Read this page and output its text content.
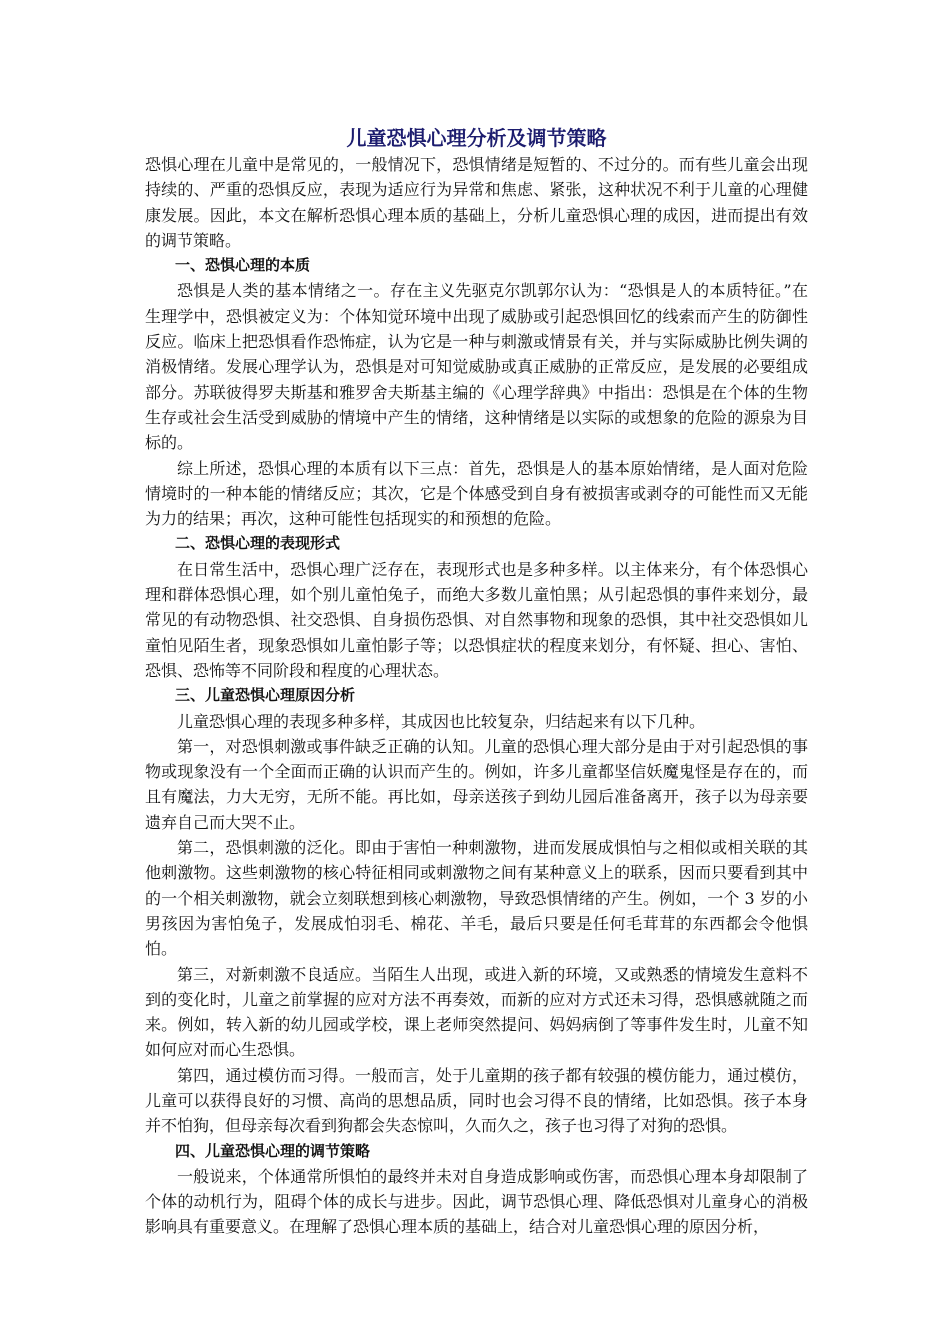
儿童恐惧心理分析及调节策略

恐惧心理在儿童中是常见的，一般情况下，恐惧情绪是短暂的、不过分的。而有些儿童会出现持续的、严重的恐惧反应，表现为适应行为异常和焦虑、紧张，这种状况不利于儿童的心理健康发展。因此，本文在解析恐惧心理本质的基础上，分析儿童恐惧心理的成因，进而提出有效的调节策略。

一、恐惧心理的本质

恐惧是人类的基本情绪之一。存在主义先驱克尔凯郭尔认为：“恐惧是人的本质特征。”在生理学中，恐惧被定义为：个体知觉环境中出现了威胁或引起恐惧回忆的线索而产生的防御性反应。临床上把恐惧看作恐怖症，认为它是一种与刺激或情景有关，并与实际威胁比例失调的消极情绪。发展心理学认为，恐惧是对可知觉威胁或真正威胁的正常反应，是发展的必要组成部分。苏联彼得罗夫斯基和雅罗舍夫斯基主编的《心理学辞典》中指出：恐惧是在个体的生物生存或社会生活受到威胁的情境中产生的情绪，这种情绪是以实际的或想象的危险的源泉为目标的。

综上所述，恐惧心理的本质有以下三点：首先，恐惧是人的基本原始情绪，是人面对危险情境时的一种本能的情绪反应；其次，它是个体感受到自身有被损害或剥夺的可能性而又无能为力的结果；再次，这种可能性包括现实的和预想的危险。

二、恐惧心理的表现形式

在日常生活中，恐惧心理广泛存在，表现形式也是多种多样。以主体来分，有个体恐惧心理和群体恐惧心理，如个别儿童怕兔子，而绝大多数儿童怕黑；从引起恐惧的事件来划分，最常见的有动物恐惧、社交恐惧、自身损伤恐惧、对自然事物和现象的恐惧，其中社交恐惧如儿童怕见陌生者，现象恐惧如儿童怕影子等；以恐惧症状的程度来划分，有怀疑、担心、害怕、恐惧、恐怖等不同阶段和程度的心理状态。

三、儿童恐惧心理原因分析

儿童恐惧心理的表现多种多样，其成因也比较复杂，归结起来有以下几种。

第一，对恐惧刺激或事件缺乏正确的认知。儿童的恐惧心理大部分是由于对引起恐惧的事物或现象没有一个全面而正确的认识而产生的。例如，许多儿童都坚信妖魔鬼怪是存在的，而且有魔法，力大无穷，无所不能。再比如，母亲送孩子到幼儿园后准备离开，孩子以为母亲要遗弃自己而大哭不止。

第二，恐惧刺激的泛化。即由于害怕一种刺激物，进而发展成惧怕与之相似或相关联的其他刺激物。这些刺激物的核心特征相同或刺激物之间有某种意义上的联系，因而只要看到其中的一个相关刺激物，就会立刻联想到核心刺激物，导致恐惧情绪的产生。例如，一个 3 岁的小男孩因为害怕兔子，发展成怕羽毛、棉花、羊毛，最后只要是任何毛茸茸的东西都会令他惧怕。

第三，对新刺激不良适应。当陌生人出现，或进入新的环境，又或熟悉的情境发生意料不到的变化时，儿童之前掌握的应对方法不再奏效，而新的应对方式还未习得，恐惧感就随之而来。例如，转入新的幼儿园或学校，课上老师突然提问、妈妈病倒了等事件发生时，儿童不知如何应对而心生恐惧。

第四，通过模仿而习得。一般而言，处于儿童期的孩子都有较强的模仿能力，通过模仿，儿童可以获得良好的习惯、高尚的思想品质，同时也会习得不良的情绪，比如恐惧。孩子本身并不怕狗，但母亲每次看到狗都会失态惊叫，久而久之，孩子也习得了对狗的恐惧。

四、儿童恐惧心理的调节策略

一般说来，个体通常所惧怕的最终并未对自身造成影响或伤害，而恐惧心理本身却限制了个体的动机行为，阻碍个体的成长与进步。因此，调节恐惧心理、降低恐惧对儿童身心的消极影响具有重要意义。在理解了恐惧心理本质的基础上，结合对儿童恐惧心理的原因分析，
